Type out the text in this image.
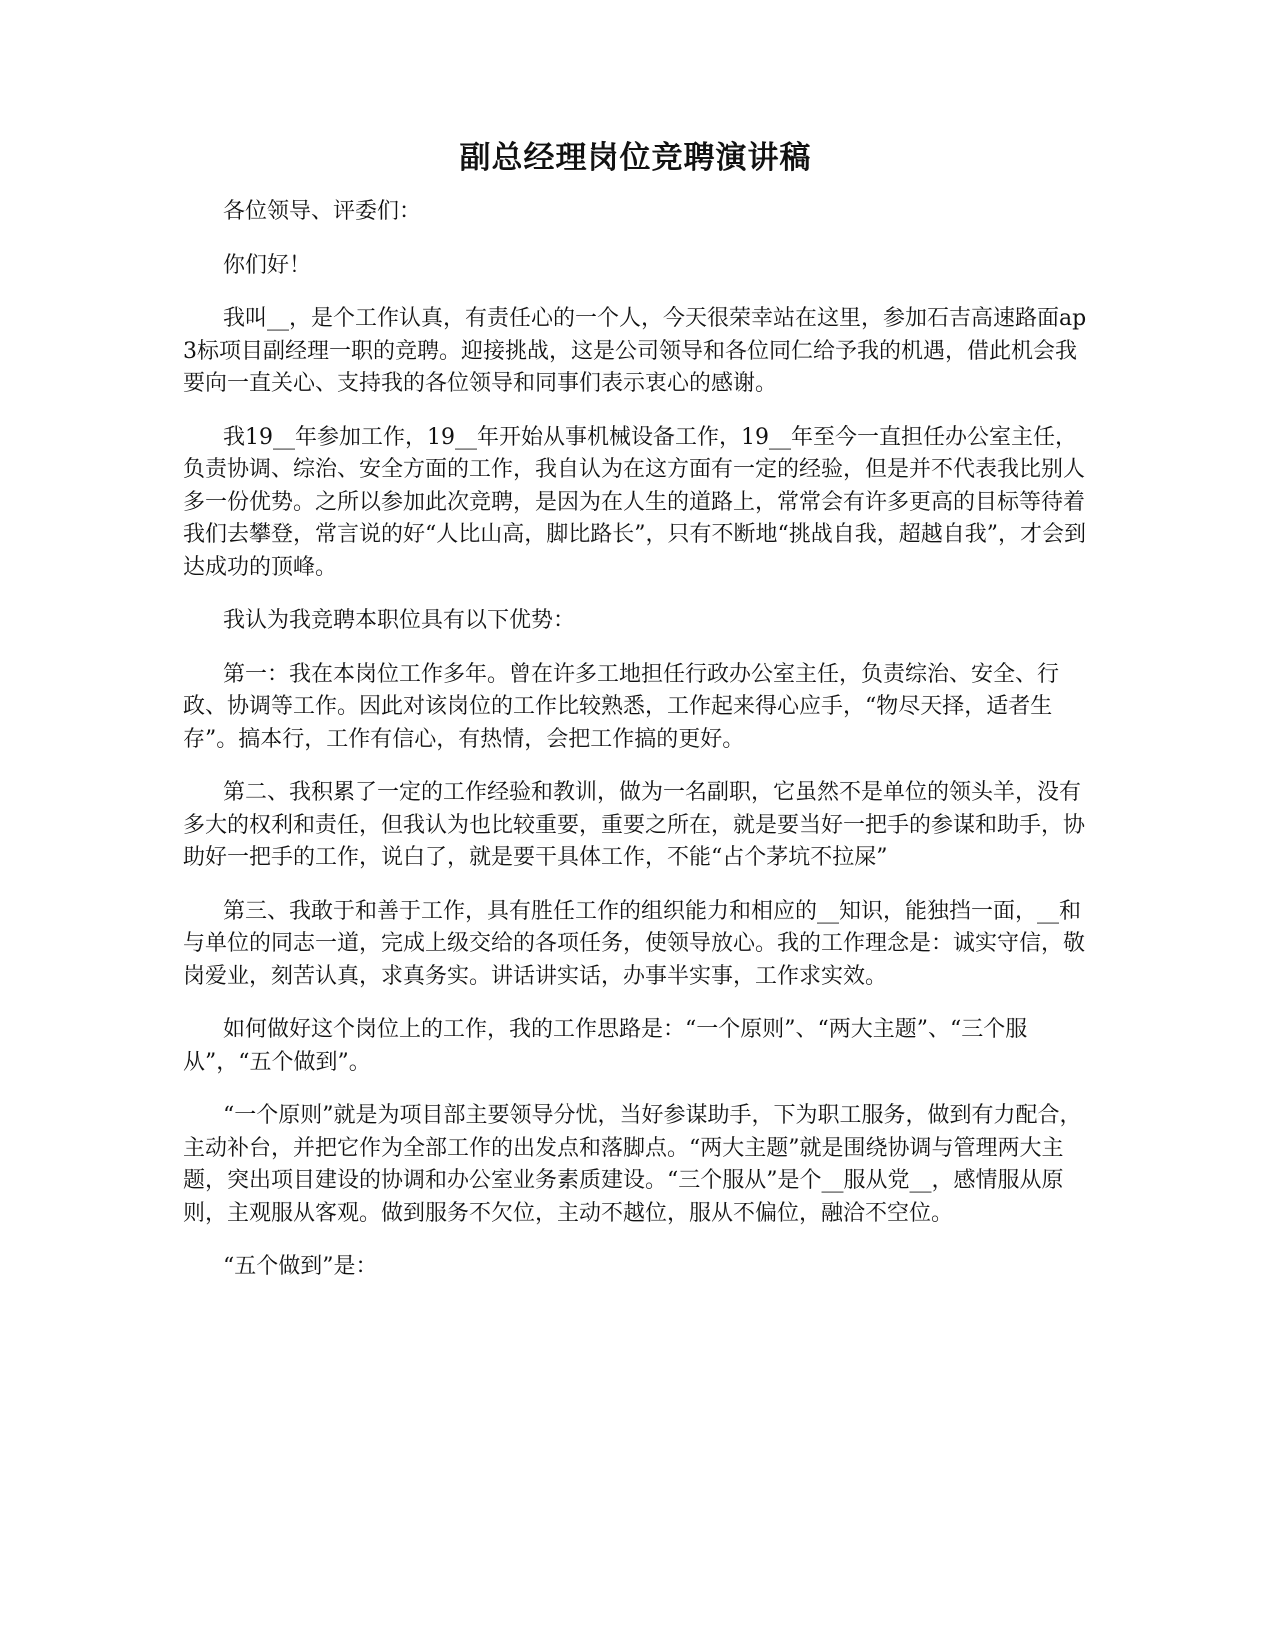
副总经理岗位竞聘演讲稿

各位领导、评委们：

你们好！

我叫__，是个工作认真，有责任心的一个人，今天很荣幸站在这里，参加石吉高速路面ap3标项目副经理一职的竞聘。迎接挑战，这是公司领导和各位同仁给予我的机遇，借此机会我要向一直关心、支持我的各位领导和同事们表示衷心的感谢。

我19__年参加工作，19__年开始从事机械设备工作，19__年至今一直担任办公室主任，负责协调、综治、安全方面的工作，我自认为在这方面有一定的经验，但是并不代表我比别人多一份优势。之所以参加此次竞聘，是因为在人生的道路上，常常会有许多更高的目标等待着我们去攀登，常言说的好“人比山高，脚比路长”，只有不断地“挑战自我，超越自我”，才会到达成功的顶峰。

我认为我竞聘本职位具有以下优势：

第一：我在本岗位工作多年。曾在许多工地担任行政办公室主任，负责综治、安全、行政、协调等工作。因此对该岗位的工作比较熟悉，工作起来得心应手，“物尽天择，适者生存”。搞本行，工作有信心，有热情，会把工作搞的更好。

第二、我积累了一定的工作经验和教训，做为一名副职，它虽然不是单位的领头羊，没有多大的权利和责任，但我认为也比较重要，重要之所在，就是要当好一把手的参谋和助手，协助好一把手的工作，说白了，就是要干具体工作，不能“占个茅坑不拉屎”

第三、我敢于和善于工作，具有胜任工作的组织能力和相应的__知识，能独挡一面，__和与单位的同志一道，完成上级交给的各项任务，使领导放心。我的工作理念是：诚实守信，敬岗爱业，刻苦认真，求真务实。讲话讲实话，办事半实事，工作求实效。

如何做好这个岗位上的工作，我的工作思路是：“一个原则”、“两大主题”、“三个服从”，“五个做到”。

“一个原则”就是为项目部主要领导分忧，当好参谋助手，下为职工服务，做到有力配合，主动补台，并把它作为全部工作的出发点和落脚点。“两大主题”就是围绕协调与管理两大主题，突出项目建设的协调和办公室业务素质建设。“三个服从”是个__服从党__，感情服从原则，主观服从客观。做到服务不欠位，主动不越位，服从不偏位，融洽不空位。

“五个做到”是：
